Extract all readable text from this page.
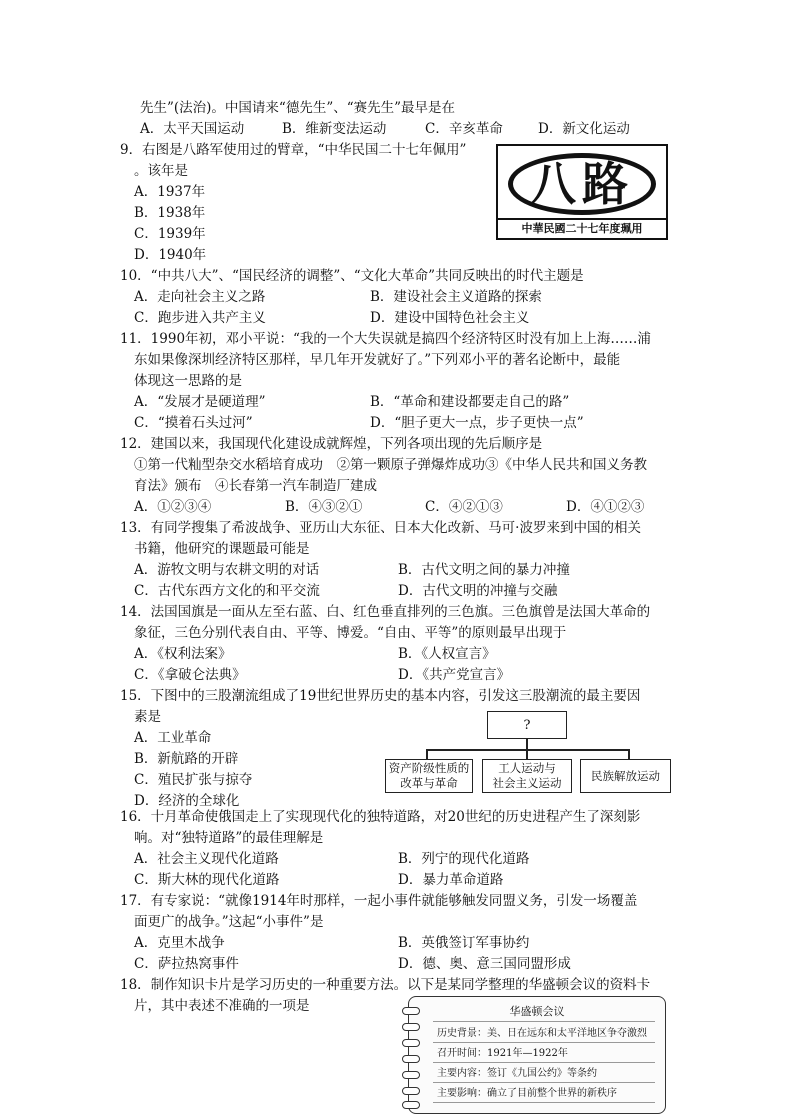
先生”(法治)。中国请来“德先生”、“赛先生”最早是在
A．太平天国运动	B．维新变法运动	C．辛亥革命	D．新文化运动
9．右图是八路军使用过的臂章，“中华民国二十七年佩用”
。该年是
A．1937年
B．1938年
C．1939年
D．1940年
八路
中華民國二十七年度珮用
10．“中共八大”、“国民经济的调整”、“文化大革命”共同反映出的时代主题是
A．走向社会主义之路	B．建设社会主义道路的探索
C．跑步进入共产主义	D．建设中国特色社会主义
11．1990年初，邓小平说：“我的一个大失误就是搞四个经济特区时没有加上上海……浦
东如果像深圳经济特区那样，早几年开发就好了。”下列邓小平的著名论断中，最能
体现这一思路的是
A．“发展才是硬道理”	B．“革命和建设都要走自己的路”
C．“摸着石头过河”	D．“胆子更大一点，步子更快一点”
12．建国以来，我国现代化建设成就辉煌，下列各项出现的先后顺序是
①第一代籼型杂交水稻培育成功　②第一颗原子弹爆炸成功③《中华人民共和国义务教
育法》颁布　④长春第一汽车制造厂建成
A．①②③④	B．④③②①	C．④②①③	D．④①②③
13．有同学搜集了希波战争、亚历山大东征、日本大化改新、马可·波罗来到中国的相关
书籍，他研究的课题最可能是
A．游牧文明与农耕文明的对话	B．古代文明之间的暴力冲撞
C．古代东西方文化的和平交流	D．古代文明的冲撞与交融
14．法国国旗是一面从左至右蓝、白、红色垂直排列的三色旗。三色旗曾是法国大革命的
象征，三色分别代表自由、平等、博爱。“自由、平等”的原则最早出现于
A．《权利法案》	B．《人权宣言》
C．《拿破仑法典》	D．《共产党宣言》
15．下图中的三股潮流组成了19世纪世界历史的基本内容，引发这三股潮流的最主要因
素是
A．工业革命
B．新航路的开辟
C．殖民扩张与掠夺
D．经济的全球化
?
资产阶级性质的
改革与革命
工人运动与
社会主义运动
民族解放运动
16．十月革命使俄国走上了实现现代化的独特道路，对20世纪的历史进程产生了深刻影
响。对“独特道路”的最佳理解是
A．社会主义现代化道路	B．列宁的现代化道路
C．斯大林的现代化道路	D．暴力革命道路
17．有专家说：“就像1914年时那样，一起小事件就能够触发同盟义务，引发一场覆盖
面更广的战争。”这起“小事件”是
A．克里木战争	B．英俄签订军事协约
C．萨拉热窝事件	D．德、奥、意三国同盟形成
18．制作知识卡片是学习历史的一种重要方法。以下是某同学整理的华盛顿会议的资料卡
片，其中表述不准确的一项是	华盛顿会议
历史背景：美、日在远东和太平洋地区争夺激烈
召开时间：1921年—1922年
主要内容：签订《九国公约》等条约
主要影响：确立了目前整个世界的新秩序
